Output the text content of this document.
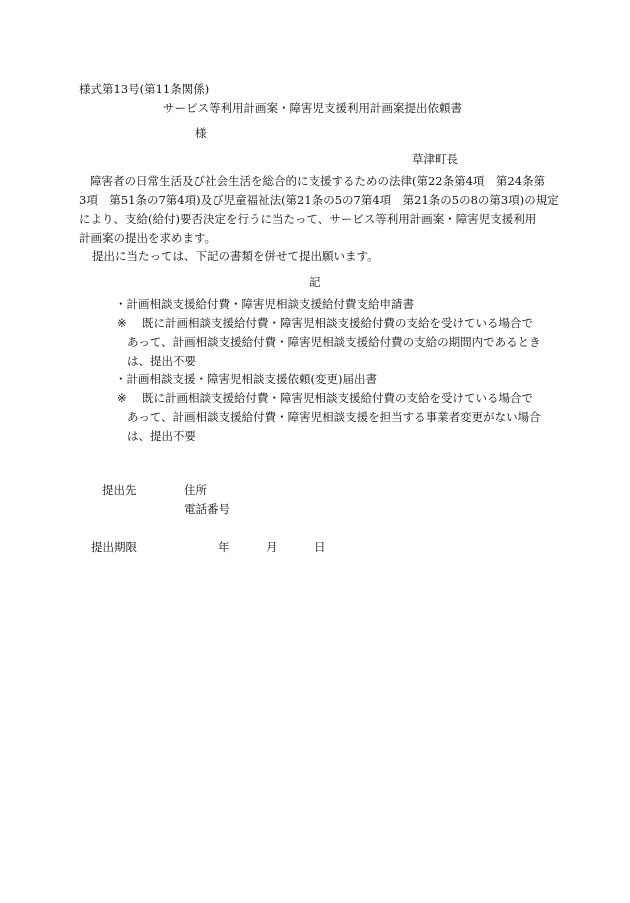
様式第13号(第11条関係)
サービス等利用計画案・障害児支援利用計画案提出依頼書
様
草津町長
障害者の日常生活及び社会生活を総合的に支援するための法律(第22条第4項　第24条第
3項　第51条の7第4項)及び児童福祉法(第21条の5の7第4項　第21条の5の8の第3項)の規定
により、支給(給付)要否決定を行うに当たって、サービス等利用計画案・障害児支援利用
計画案の提出を求めます。
提出に当たっては、下記の書類を併せて提出願います。
記
・計画相談支援給付費・障害児相談支援給付費支給申請書
※	既に計画相談支援給付費・障害児相談支援給付費の支給を受けている場合で
あって、計画相談支援給付費・障害児相談支援給付費の支給の期間内であるとき
は、提出不要
・計画相談支援・障害児相談支援依頼(変更)届出書
※	既に計画相談支援給付費・障害児相談支援給付費の支給を受けている場合で
あって、計画相談支援給付費・障害児相談支援を担当する事業者変更がない場合
は、提出不要
提出先	住所
電話番号
提出期限	年	月	日
